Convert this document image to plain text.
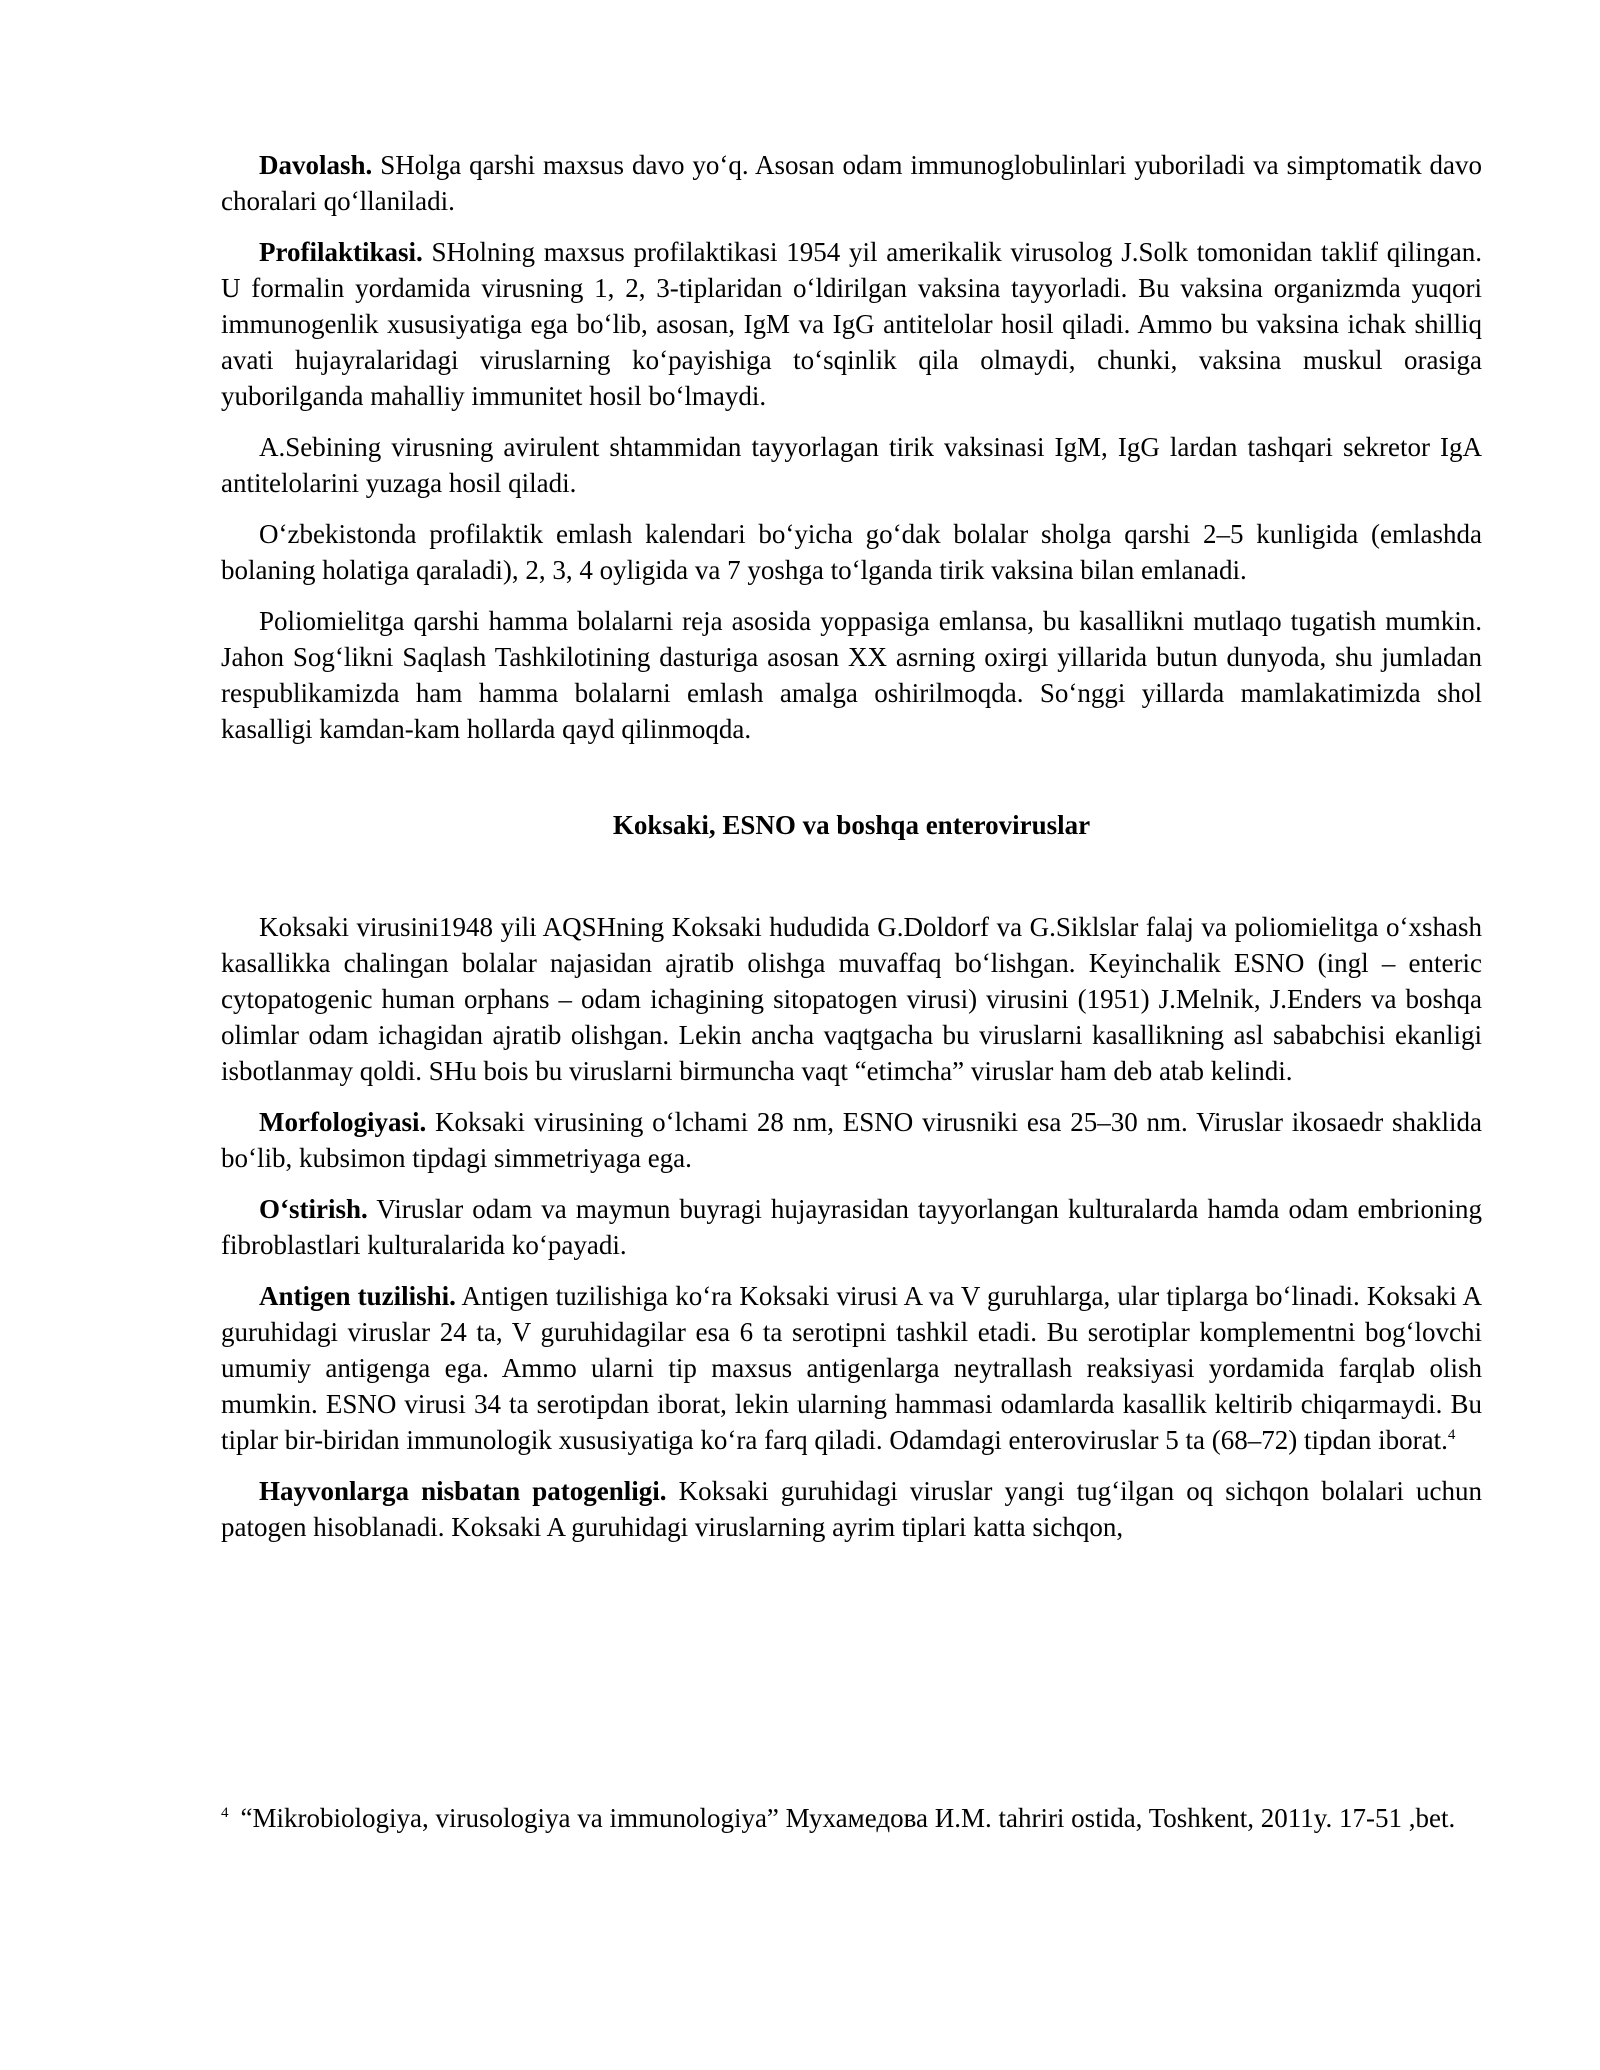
Davolash. SHolga qarshi maxsus davo yo‘q. Asosan odam immunoglobulinlari yuboriladi va simptomatik davo choralari qo‘llaniladi.

Profilaktikasi. SHolning maxsus profilaktikasi 1954 yil amerikalik virusolog J.Solk tomonidan taklif qilingan. U formalin yordamida virusning 1, 2, 3-tiplaridan o‘ldirilgan vaksina tayyorladi. Bu vaksina organizmda yuqori immunogenlik xususiyatiga ega bo‘lib, asosan, IgM va IgG antitelolar hosil qiladi. Ammo bu vaksina ichak shilliq avati hujayralaridagi viruslarning ko‘payishiga to‘sqinlik qila olmaydi, chunki, vaksina muskul orasiga yuborilganda mahalliy immunitet hosil bo‘lmaydi.

A.Sebining virusning avirulent shtammidan tayyorlagan tirik vaksinasi IgM, IgG lardan tashqari sekretor IgA antitelolarini yuzaga hosil qiladi.

O‘zbekistonda profilaktik emlash kalendari bo‘yicha go‘dak bolalar sholga qarshi 2–5 kunligida (emlashda bolaning holatiga qaraladi), 2, 3, 4 oyligida va 7 yoshga to‘lganda tirik vaksina bilan emlanadi.

Poliomielitga qarshi hamma bolalarni reja asosida yoppasiga emlansa, bu kasallikni mutlaqo tugatish mumkin. Jahon Sog‘likni Saqlash Tashkilotining dasturiga asosan XX asrning oxirgi yillarida butun dunyoda, shu jumladan respublikamizda ham hamma bolalarni emlash amalga oshirilmoqda. So‘nggi yillarda mamlakatimizda shol kasalligi kamdan-kam hollarda qayd qilinmoqda.

Koksaki, ESNO va boshqa enteroviruslar

Koksaki virusini1948 yili AQSHning Koksaki hududida G.Doldorf va G.Siklslar falaj va poliomielitga o‘xshash kasallikka chalingan bolalar najasidan ajratib olishga muvaffaq bo‘lishgan. Keyinchalik ESNO (ingl – enteric cytopatogenic human orphans – odam ichagining sitopatogen virusi) virusini (1951) J.Melnik, J.Enders va boshqa olimlar odam ichagidan ajratib olishgan. Lekin ancha vaqtgacha bu viruslarni kasallikning asl sababchisi ekanligi isbotlanmay qoldi. SHu bois bu viruslarni birmuncha vaqt “etimcha” viruslar ham deb atab kelindi.

Morfologiyasi. Koksaki virusining o‘lchami 28 nm, ESNO virusniki esa 25–30 nm. Viruslar ikosaedr shaklida bo‘lib, kubsimon tipdagi simmetriyaga ega.

O‘stirish. Viruslar odam va maymun buyragi hujayrasidan tayyorlangan kulturalarda hamda odam embrioning fibroblastlari kulturalarida ko‘payadi.

Antigen tuzilishi. Antigen tuzilishiga ko‘ra Koksaki virusi A va V guruhlarga, ular tiplarga bo‘linadi. Koksaki A guruhidagi viruslar 24 ta, V guruhidagilar esa 6 ta serotipni tashkil etadi. Bu serotiplar komplementni bog‘lovchi umumiy antigenga ega. Ammo ularni tip maxsus antigenlarga neytrallash reaksiyasi yordamida farqlab olish mumkin. ESNO virusi 34 ta serotipdan iborat, lekin ularning hammasi odamlarda kasallik keltirib chiqarmaydi. Bu tiplar bir-biridan immunologik xususiyatiga ko‘ra farq qiladi. Odamdagi enteroviruslar 5 ta (68–72) tipdan iborat.$^4$

Hayvonlarga nisbatan patogenligi. Koksaki guruhidagi viruslar yangi tug‘ilgan oq sichqon bolalari uchun patogen hisoblanadi. Koksaki A guruhidagi viruslarning ayrim tiplari katta sichqon,

$^4$ “Mikrobiologiya, virusologiya va immunologiya” Мухамедова И.М. tahriri ostida, Toshkent, 2011y. 17-51 ,bet.
